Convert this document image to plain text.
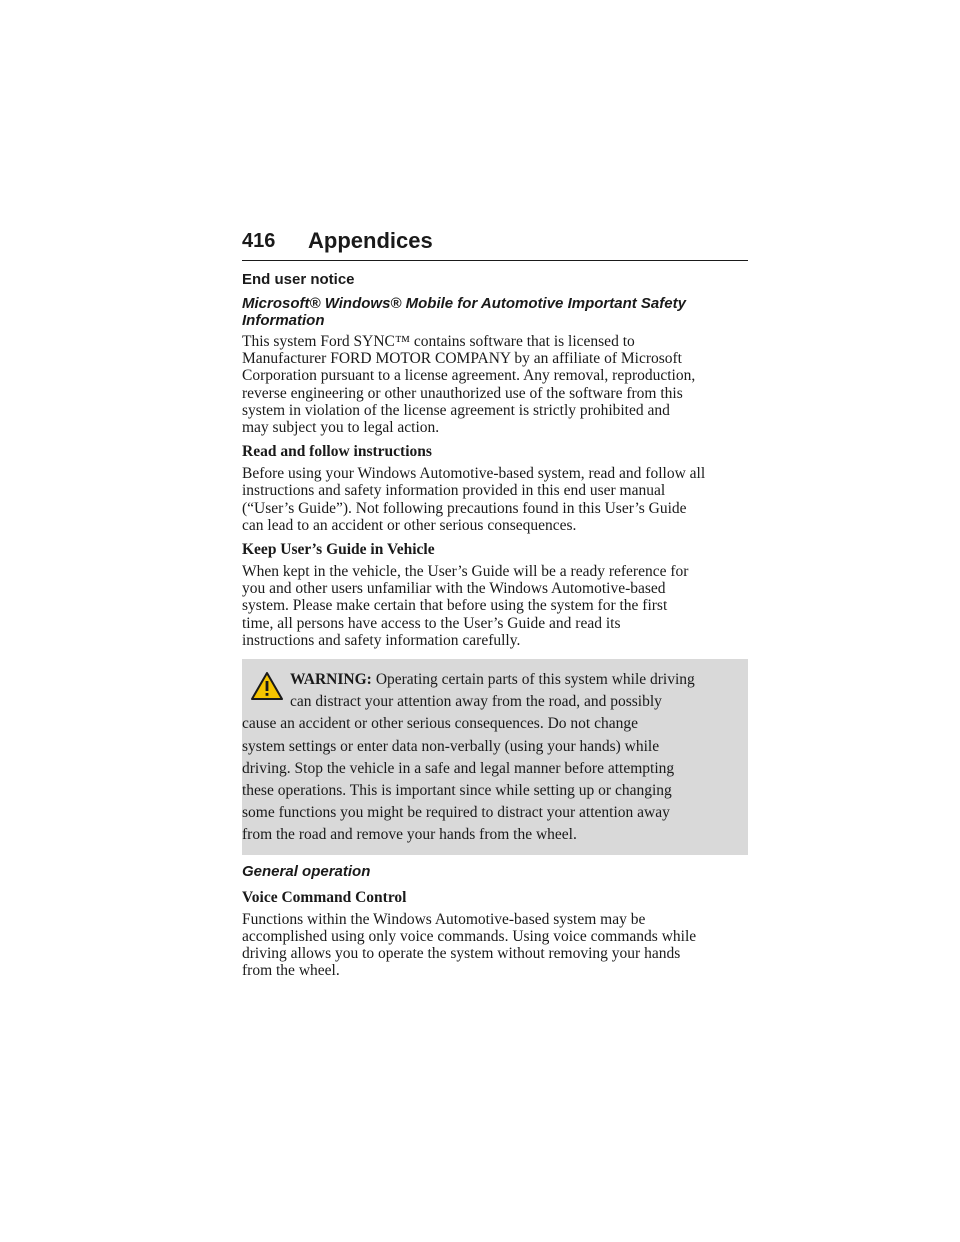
416 Appendices
End user notice
Microsoft® Windows® Mobile for Automotive Important Safety
Information
This system Ford SYNC™ contains software that is licensed to
Manufacturer FORD MOTOR COMPANY by an affiliate of Microsoft
Corporation pursuant to a license agreement. Any removal, reproduction,
reverse engineering or other unauthorized use of the software from this
system in violation of the license agreement is strictly prohibited and
may subject you to legal action.
Read and follow instructions
Before using your Windows Automotive-based system, read and follow all
instructions and safety information provided in this end user manual
(“User’s Guide”). Not following precautions found in this User’s Guide
can lead to an accident or other serious consequences.
Keep User’s Guide in Vehicle
When kept in the vehicle, the User’s Guide will be a ready reference for
you and other users unfamiliar with the Windows Automotive-based
system. Please make certain that before using the system for the first
time, all persons have access to the User’s Guide and read its
instructions and safety information carefully.
WARNING: Operating certain parts of this system while driving
can distract your attention away from the road, and possibly
cause an accident or other serious consequences. Do not change
system settings or enter data non-verbally (using your hands) while
driving. Stop the vehicle in a safe and legal manner before attempting
these operations. This is important since while setting up or changing
some functions you might be required to distract your attention away
from the road and remove your hands from the wheel.
General operation
Voice Command Control
Functions within the Windows Automotive-based system may be
accomplished using only voice commands. Using voice commands while
driving allows you to operate the system without removing your hands
from the wheel.
